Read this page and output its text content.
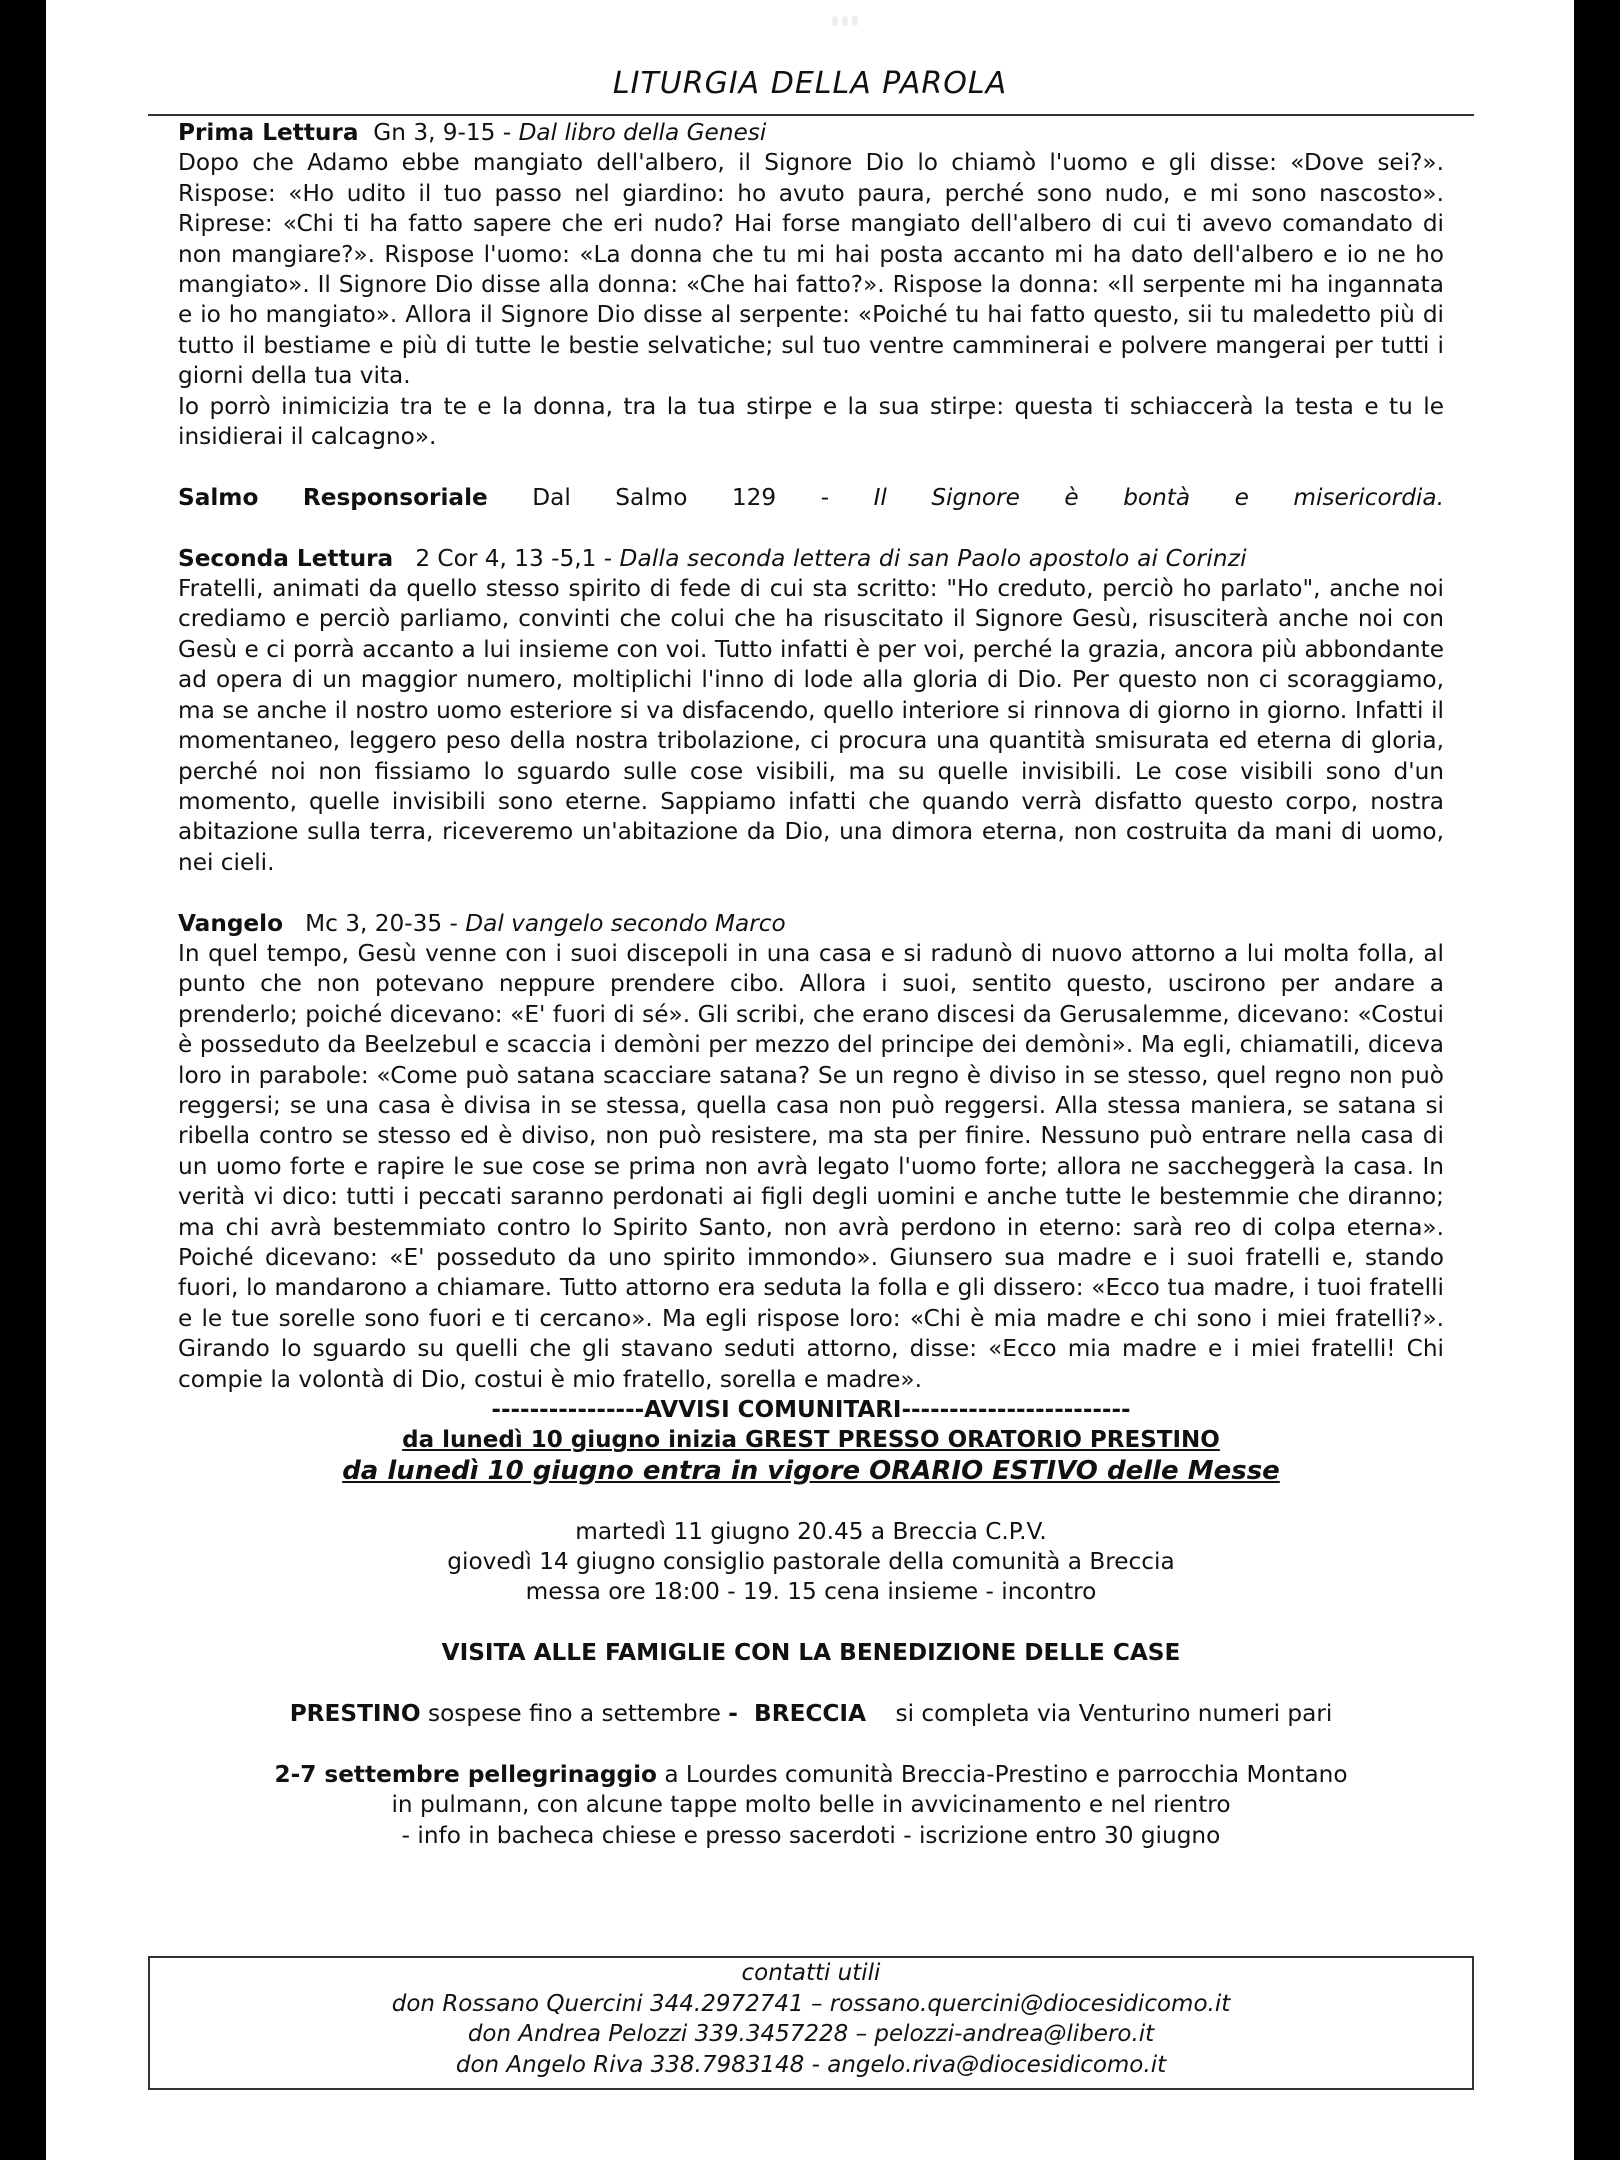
LITURGIA DELLA PAROLA

Prima Lettura Gn 3, 9-15 - Dal libro della Genesi

Dopo che Adamo ebbe mangiato dell'albero, il Signore Dio lo chiamò l'uomo e gli disse: «Dove sei?». Rispose: «Ho udito il tuo passo nel giardino: ho avuto paura, perché sono nudo, e mi sono nascosto». Riprese: «Chi ti ha fatto sapere che eri nudo? Hai forse mangiato dell'albero di cui ti avevo comandato di non mangiare?». Rispose l'uomo: «La donna che tu mi hai posta accanto mi ha dato dell'albero e io ne ho mangiato». Il Signore Dio disse alla donna: «Che hai fatto?». Rispose la donna: «Il serpente mi ha ingannata e io ho mangiato». Allora il Signore Dio disse al serpente: «Poiché tu hai fatto questo, sii tu maledetto più di tutto il bestiame e più di tutte le bestie selvatiche; sul tuo ventre camminerai e polvere mangerai per tutti i giorni della tua vita.

Io porrò inimicizia tra te e la donna, tra la tua stirpe e la sua stirpe: questa ti schiaccerà la testa e tu le insidierai il calcagno».

Salmo Responsoriale Dal Salmo 129 - Il Signore è bontà e misericordia.

Seconda Lettura
2 Cor 4, 13 -5,1 -
Dalla seconda lettera di san Paolo apostolo ai Corinzi

Fratelli, animati da quello stesso spirito di fede di cui sta scritto: "Ho creduto, perciò ho parlato", anche noi crediamo e perciò parliamo, convinti che colui che ha risuscitato il Signore Gesù, risusciterà anche noi con Gesù e ci porrà accanto a lui insieme con voi. Tutto infatti è per voi, perché la grazia, ancora più abbondante ad opera di un maggior numero, moltiplichi l'inno di lode alla gloria di Dio. Per questo non ci scoraggiamo, ma se anche il nostro uomo esteriore si va disfacendo, quello interiore si rinnova di giorno in giorno. Infatti il momentaneo, leggero peso della nostra tribolazione, ci procura una quantità smisurata ed eterna di gloria, perché noi non fissiamo lo sguardo sulle cose visibili, ma su quelle invisibili. Le cose visibili sono d'un momento, quelle invisibili sono eterne. Sappiamo infatti che quando verrà disfatto questo corpo, nostra abitazione sulla terra, riceveremo un'abitazione da Dio, una dimora eterna, non costruita da mani di uomo, nei cieli.

Vangelo Mc 3, 20-35 - Dal vangelo secondo Marco

In quel tempo, Gesù venne con i suoi discepoli in una casa e si radunò di nuovo attorno a lui molta folla, al punto che non potevano neppure prendere cibo. Allora i suoi, sentito questo, uscirono per andare a prenderlo; poiché dicevano: «E' fuori di sé». Gli scribi, che erano discesi da Gerusalemme, dicevano: «Costui è posseduto da Beelzebul e scaccia i demòni per mezzo del principe dei demòni». Ma egli, chiamatili, diceva loro in parabole: «Come può satana scacciare satana? Se un regno è diviso in se stesso, quel regno non può reggersi; se una casa è divisa in se stessa, quella casa non può reggersi. Alla stessa maniera, se satana si ribella contro se stesso ed è diviso, non può resistere, ma sta per finire. Nessuno può entrare nella casa di un uomo forte e rapire le sue cose se prima non avrà legato l'uomo forte; allora ne saccheggerà la casa. In verità vi dico: tutti i peccati saranno perdonati ai figli degli uomini e anche tutte le bestemmie che diranno; ma chi avrà bestemmiato contro lo Spirito Santo, non avrà perdono in eterno: sarà reo di colpa eterna». Poiché dicevano: «E' posseduto da uno spirito immondo». Giunsero sua madre e i suoi fratelli e, stando fuori, lo mandarono a chiamare. Tutto attorno era seduta la folla e gli dissero: «Ecco tua madre, i tuoi fratelli e le tue sorelle sono fuori e ti cercano». Ma egli rispose loro: «Chi è mia madre e chi sono i miei fratelli?». Girando lo sguardo su quelli che gli stavano seduti attorno, disse: «Ecco mia madre e i miei fratelli! Chi compie la volontà di Dio, costui è mio fratello, sorella e madre».

----------------AVVISI COMUNITARI------------------------

da lunedì 10 giugno inizia GREST PRESSO ORATORIO PRESTINO

da lunedì 10 giugno entra in vigore ORARIO ESTIVO delle Messe

martedì 11 giugno 20.45 a Breccia C.P.V.

giovedì 14 giugno consiglio pastorale della comunità a Breccia

messa ore 18:00 - 19. 15 cena insieme - incontro

VISITA ALLE FAMIGLIE CON LA BENEDIZIONE DELLE CASE

PRESTINO sospese fino a settembre -  BRECCIA    si completa via Venturino numeri pari

2-7 settembre pellegrinaggio a Lourdes comunità Breccia-Prestino e parrocchia Montano

in pulmann, con alcune tappe molto belle in avvicinamento e nel rientro

- info in bacheca chiese e presso sacerdoti - iscrizione entro 30 giugno

contatti utili

don Rossano Quercini 344.2972741 – rossano.quercini@diocesidicomo.it

don Andrea Pelozzi 339.3457228 – pelozzi-andrea@libero.it

don Angelo Riva 338.7983148 - angelo.riva@diocesidicomo.it
